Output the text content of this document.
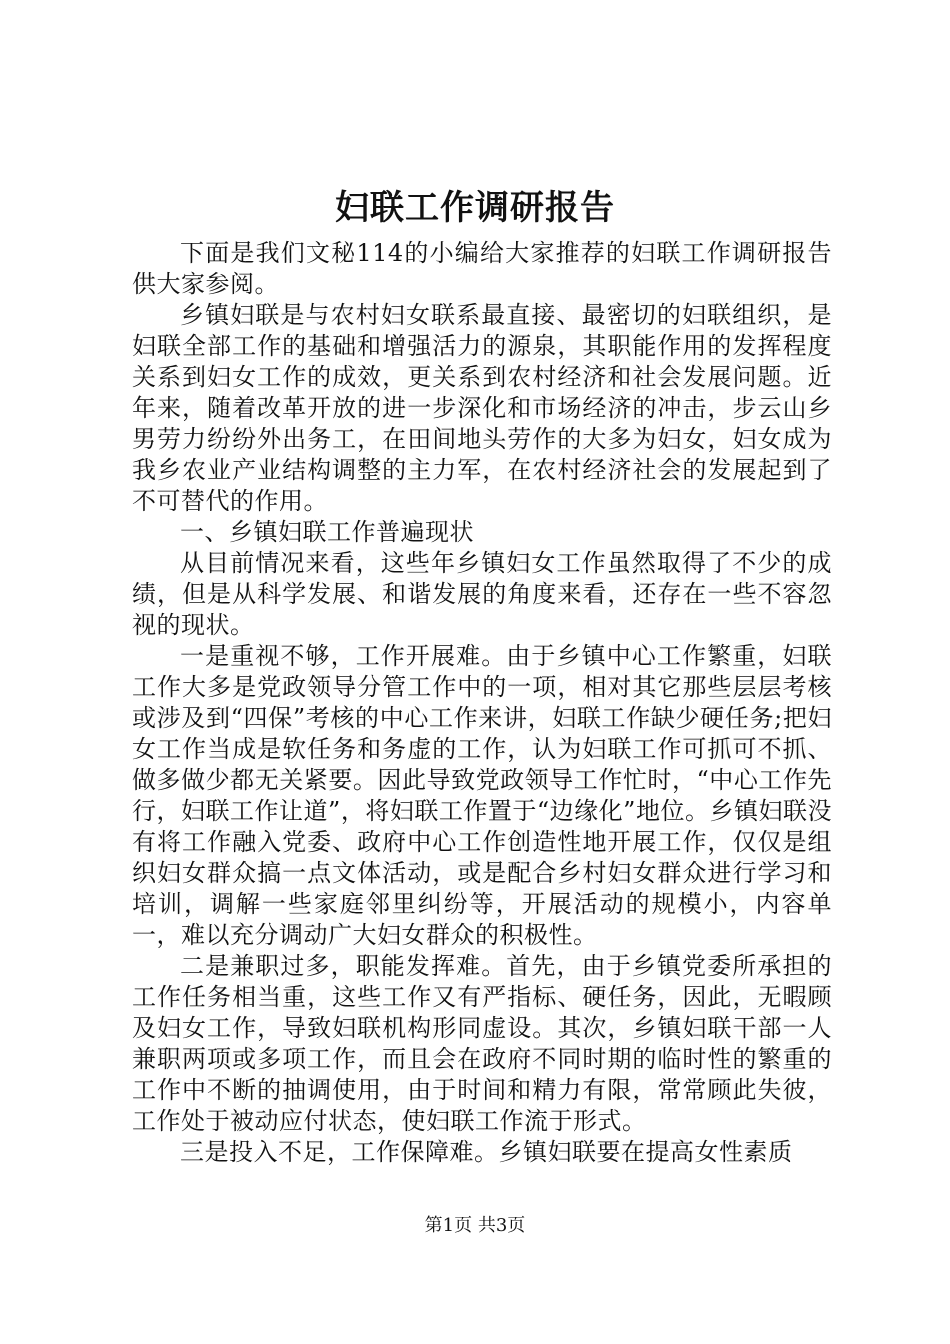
妇联工作调研报告

下面是我们文秘114的小编给大家推荐的妇联工作调研报告供大家参阅。

乡镇妇联是与农村妇女联系最直接、最密切的妇联组织，是妇联全部工作的基础和增强活力的源泉，其职能作用的发挥程度关系到妇女工作的成效，更关系到农村经济和社会发展问题。近年来，随着改革开放的进一步深化和市场经济的冲击，步云山乡男劳力纷纷外出务工，在田间地头劳作的大多为妇女，妇女成为我乡农业产业结构调整的主力军，在农村经济社会的发展起到了不可替代的作用。

一、乡镇妇联工作普遍现状

从目前情况来看，这些年乡镇妇女工作虽然取得了不少的成绩，但是从科学发展、和谐发展的角度来看，还存在一些不容忽视的现状。

一是重视不够，工作开展难。由于乡镇中心工作繁重，妇联工作大多是党政领导分管工作中的一项，相对其它那些层层考核或涉及到“四保”考核的中心工作来讲，妇联工作缺少硬任务;把妇女工作当成是软任务和务虚的工作，认为妇联工作可抓可不抓、做多做少都无关紧要。因此导致党政领导工作忙时，“中心工作先行，妇联工作让道”，将妇联工作置于“边缘化”地位。乡镇妇联没有将工作融入党委、政府中心工作创造性地开展工作，仅仅是组织妇女群众搞一点文体活动，或是配合乡村妇女群众进行学习和培训，调解一些家庭邻里纠纷等，开展活动的规模小，内容单一，难以充分调动广大妇女群众的积极性。

二是兼职过多，职能发挥难。首先，由于乡镇党委所承担的工作任务相当重，这些工作又有严指标、硬任务，因此，无暇顾及妇女工作，导致妇联机构形同虚设。其次，乡镇妇联干部一人兼职两项或多项工作，而且会在政府不同时期的临时性的繁重的工作中不断的抽调使用，由于时间和精力有限，常常顾此失彼，工作处于被动应付状态，使妇联工作流于形式。

三是投入不足，工作保障难。乡镇妇联要在提高女性素质

第1页 共3页
